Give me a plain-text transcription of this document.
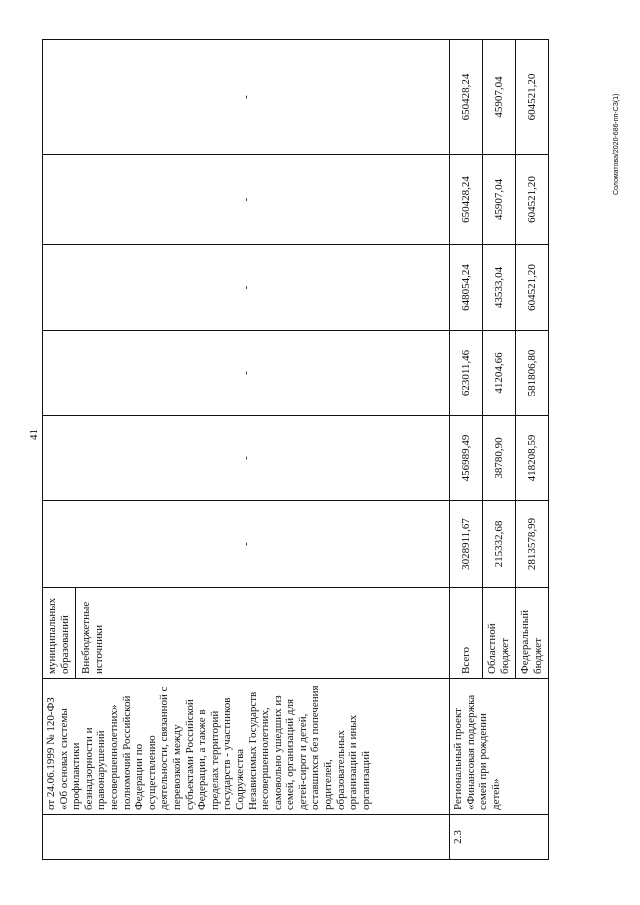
41
Соломатова/2020-686-пп-СЗ(1)
	от 24.06.1999 № 120-ФЗ «Об основах системы профилактики безнадзорности и правонарушений несовершеннолетних» полномочий Российской Федерации по осуществлению деятельности, связанной с перевозкой между субъектами Российской Федерации, а также в пределах территорий государств - участников Содружества Независимых Государств несовершеннолетних, самовольно ушедших из семей, организаций для детей-сирот и детей, оставшихся без попечения родителей, образовательных организаций и иных организаций	муниципальных образований Внебюджетные источники	-	-	-	-	-	-
2.3	Региональный проект «Финансовая поддержка семей при рождении детей»	Всего	3028911,67	456989,49	623011,46	648054,24	650428,24	650428,24
		Областной бюджет	215332,68	38780,90	41204,66	43533,04	45907,04	45907,04
		Федеральный бюджет	2813578,99	418208,59	581806,80	604521,20	604521,20	604521,20
